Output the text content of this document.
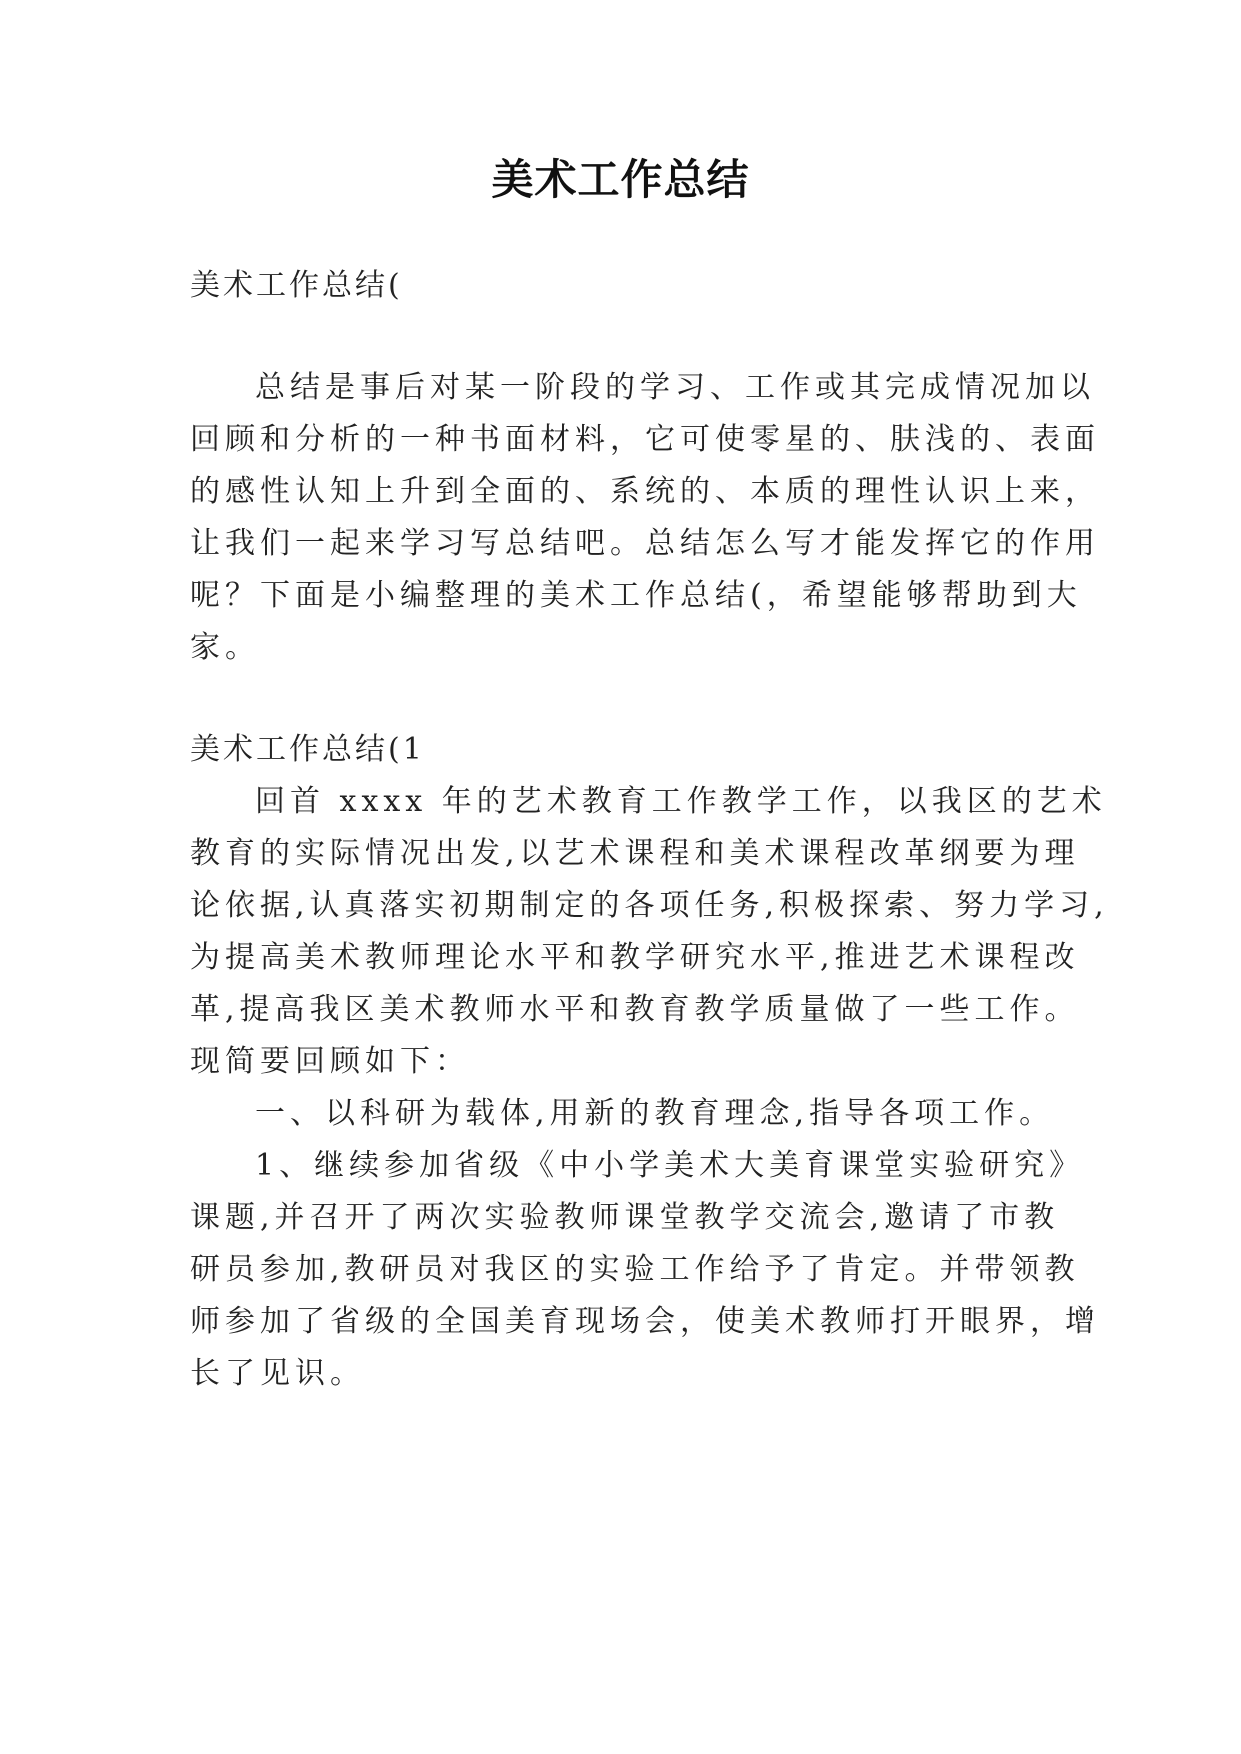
美术工作总结
美术工作总结(
总结是事后对某一阶段的学习、工作或其完成情况加以
回顾和分析的一种书面材料，它可使零星的、肤浅的、表面
的感性认知上升到全面的、系统的、本质的理性认识上来，
让我们一起来学习写总结吧。总结怎么写才能发挥它的作用
呢？下面是小编整理的美术工作总结(，希望能够帮助到大
家。
美术工作总结(1
回首 xxxx 年的艺术教育工作教学工作，以我区的艺术
教育的实际情况出发,以艺术课程和美术课程改革纲要为理
论依据,认真落实初期制定的各项任务,积极探索、努力学习,
为提高美术教师理论水平和教学研究水平,推进艺术课程改
革,提高我区美术教师水平和教育教学质量做了一些工作。
现简要回顾如下：
一、以科研为载体,用新的教育理念,指导各项工作。
1、继续参加省级《中小学美术大美育课堂实验研究》
课题,并召开了两次实验教师课堂教学交流会,邀请了市教
研员参加,教研员对我区的实验工作给予了肯定。并带领教
师参加了省级的全国美育现场会，使美术教师打开眼界，增
长了见识。
